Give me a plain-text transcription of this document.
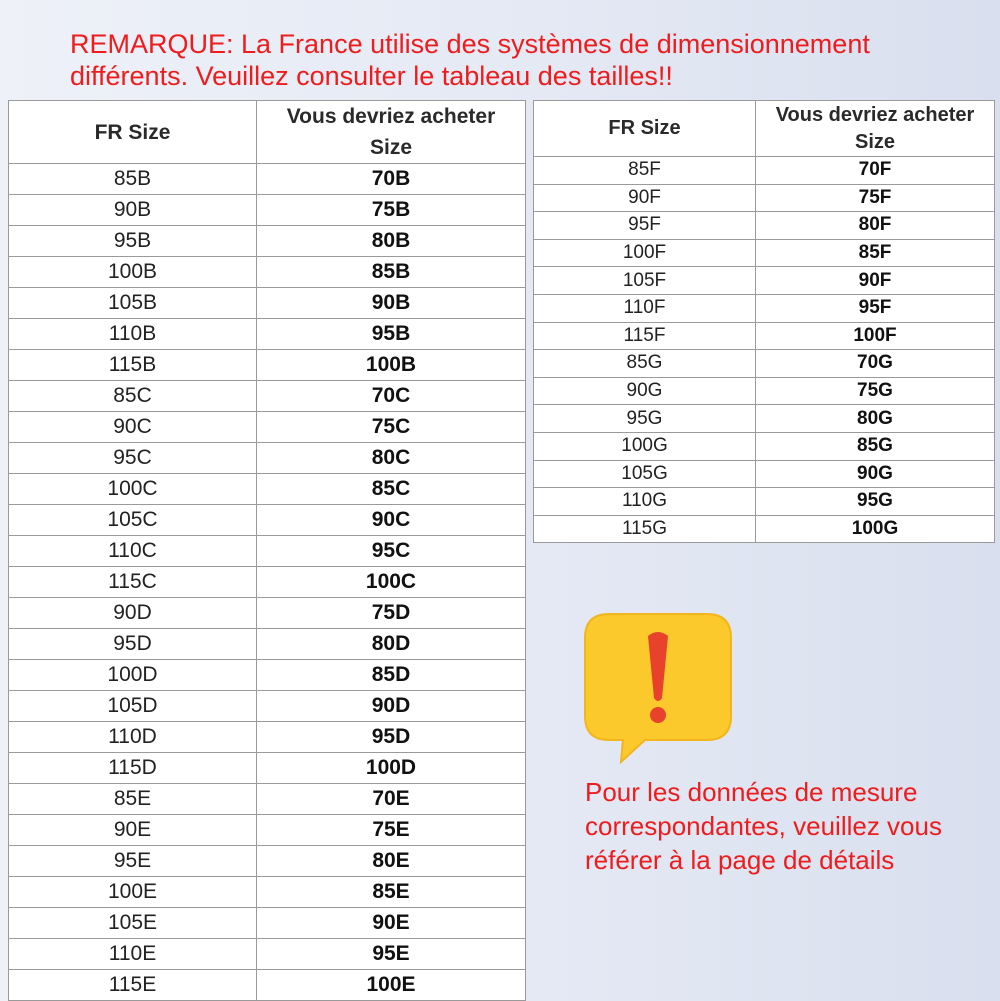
REMARQUE: La France utilise des systèmes de dimensionnement
différents. Veuillez consulter le tableau des tailles!!
FR Size	Vous devriez acheter
Size
85B	70B
90B	75B
95B	80B
100B	85B
105B	90B
110B	95B
115B	100B
85C	70C
90C	75C
95C	80C
100C	85C
105C	90C
110C	95C
115C	100C
90D	75D
95D	80D
100D	85D
105D	90D
110D	95D
115D	100D
85E	70E
90E	75E
95E	80E
100E	85E
105E	90E
110E	95E
115E	100E
FR Size	Vous devriez acheter
Size
85F	70F
90F	75F
95F	80F
100F	85F
105F	90F
110F	95F
115F	100F
85G	70G
90G	75G
95G	80G
100G	85G
105G	90G
110G	95G
115G	100G
Pour les données de mesure
correspondantes, veuillez vous
référer à la page de détails
